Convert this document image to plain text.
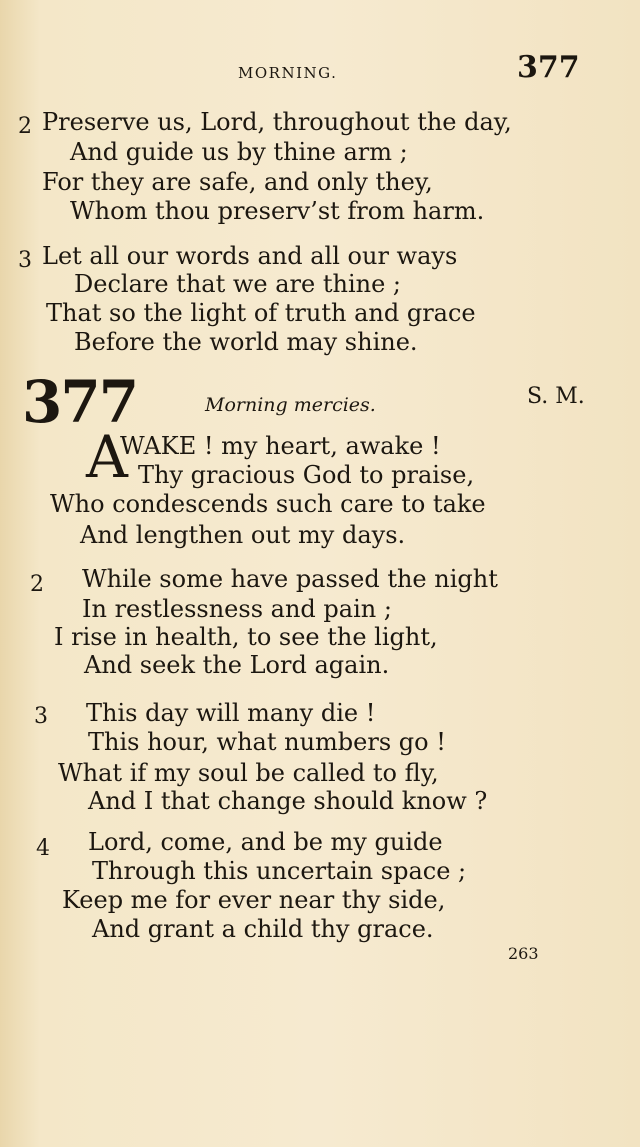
MORNING.	377
2 Preserve us, Lord, throughout the day,
And guide us by thine arm ;
For they are safe, and only they,
Whom thou preserv’st from harm.
3 Let all our words and all our ways
Declare that we are thine ;
That so the light of truth and grace
Before the world may shine.
377	Morning mercies.	S. M.
A
WAKE ! my heart, awake !
Thy gracious God to praise,
Who condescends such care to take
And lengthen out my days.
2 While some have passed the night
In restlessness and pain ;
I rise in health, to see the light,
And seek the Lord again.
3 This day will many die !
This hour, what numbers go !
What if my soul be called to fly,
And I that change should know ?
4 Lord, come, and be my guide
Through this uncertain space ;
Keep me for ever near thy side,
And grant a child thy grace.
263
